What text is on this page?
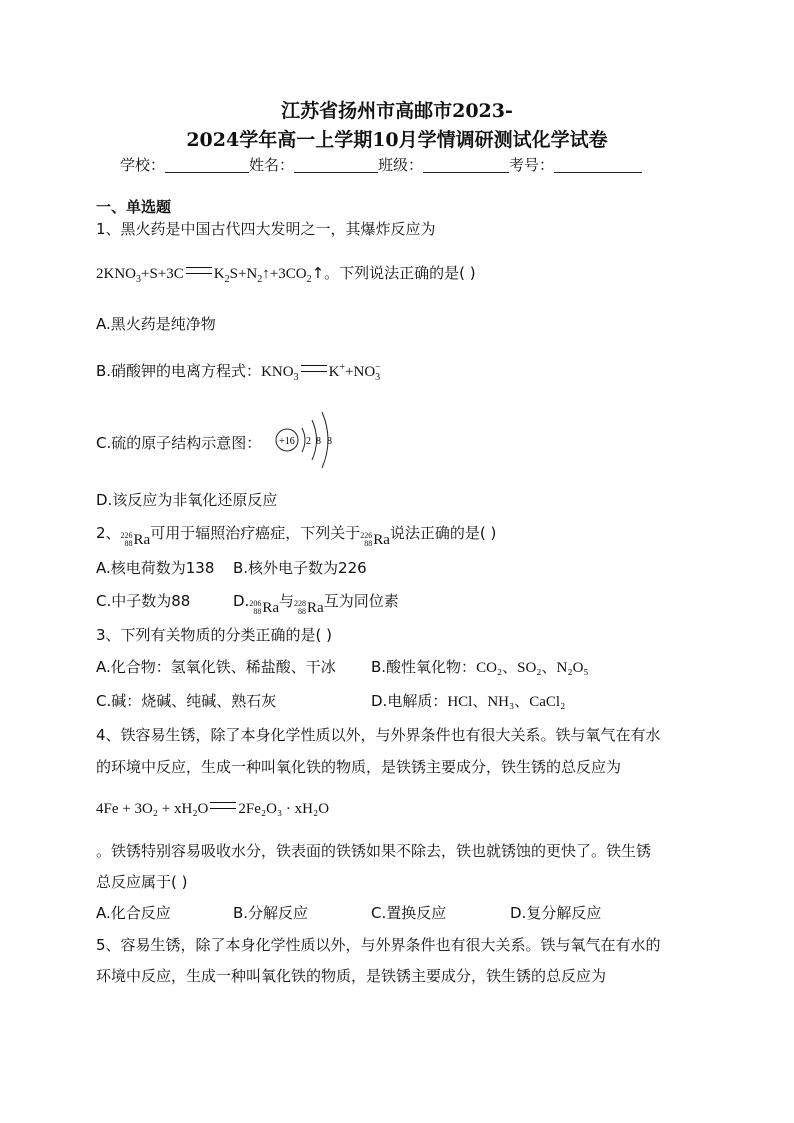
江苏省扬州市高邮市2023-
2024学年高一上学期10月学情调研测试化学试卷
学校：	姓名：	班级：	考号：
一、单选题
1、黑火药是中国古代四大发明之一，其爆炸反应为
$2KNO_3+S+3C$ $K_2S+N_2↑+3CO_2↑$。下列说法正确的是( )
A.黑火药是纯净物
B.硝酸钾的电离方程式：$KNO_3$ $K^++NO_3^-$
C.硫的原子结构示意图： +16 2 8 8
D.该反应为非氧化还原反应
2、 226
88 Ra 可用于辐照治疗癌症，下列关于 226
88 Ra 说法正确的是( )
A.核电荷数为138 B.核外电子数为226
C.中子数为88	D. 206
88 Ra 与 228
88 Ra 互为同位素
3、下列有关物质的分类正确的是( )
A.化合物：氢氧化铁、稀盐酸、干冰 B.酸性氧化物：CO₂、SO₂、N₂O₅
C.碱：烧碱、纯碱、熟石灰	D.电解质：HCl、NH₃、CaCl₂
4、铁容易生锈，除了本身化学性质以外，与外界条件也有很大关系。铁与氧气在有水
的环境中反应，生成一种叫氧化铁的物质，是铁锈主要成分，铁生锈的总反应为
4Fe + 3O₂ + xH₂O 2Fe₂O₃ · xH₂O
。铁锈特别容易吸收水分，铁表面的铁锈如果不除去，铁也就锈蚀的更快了。铁生锈
总反应属于( )
A.化合反应	B.分解反应	C.置换反应	D.复分解反应
5、容易生锈，除了本身化学性质以外，与外界条件也有很大关系。铁与氧气在有水的
环境中反应，生成一种叫氧化铁的物质，是铁锈主要成分，铁生锈的总反应为
